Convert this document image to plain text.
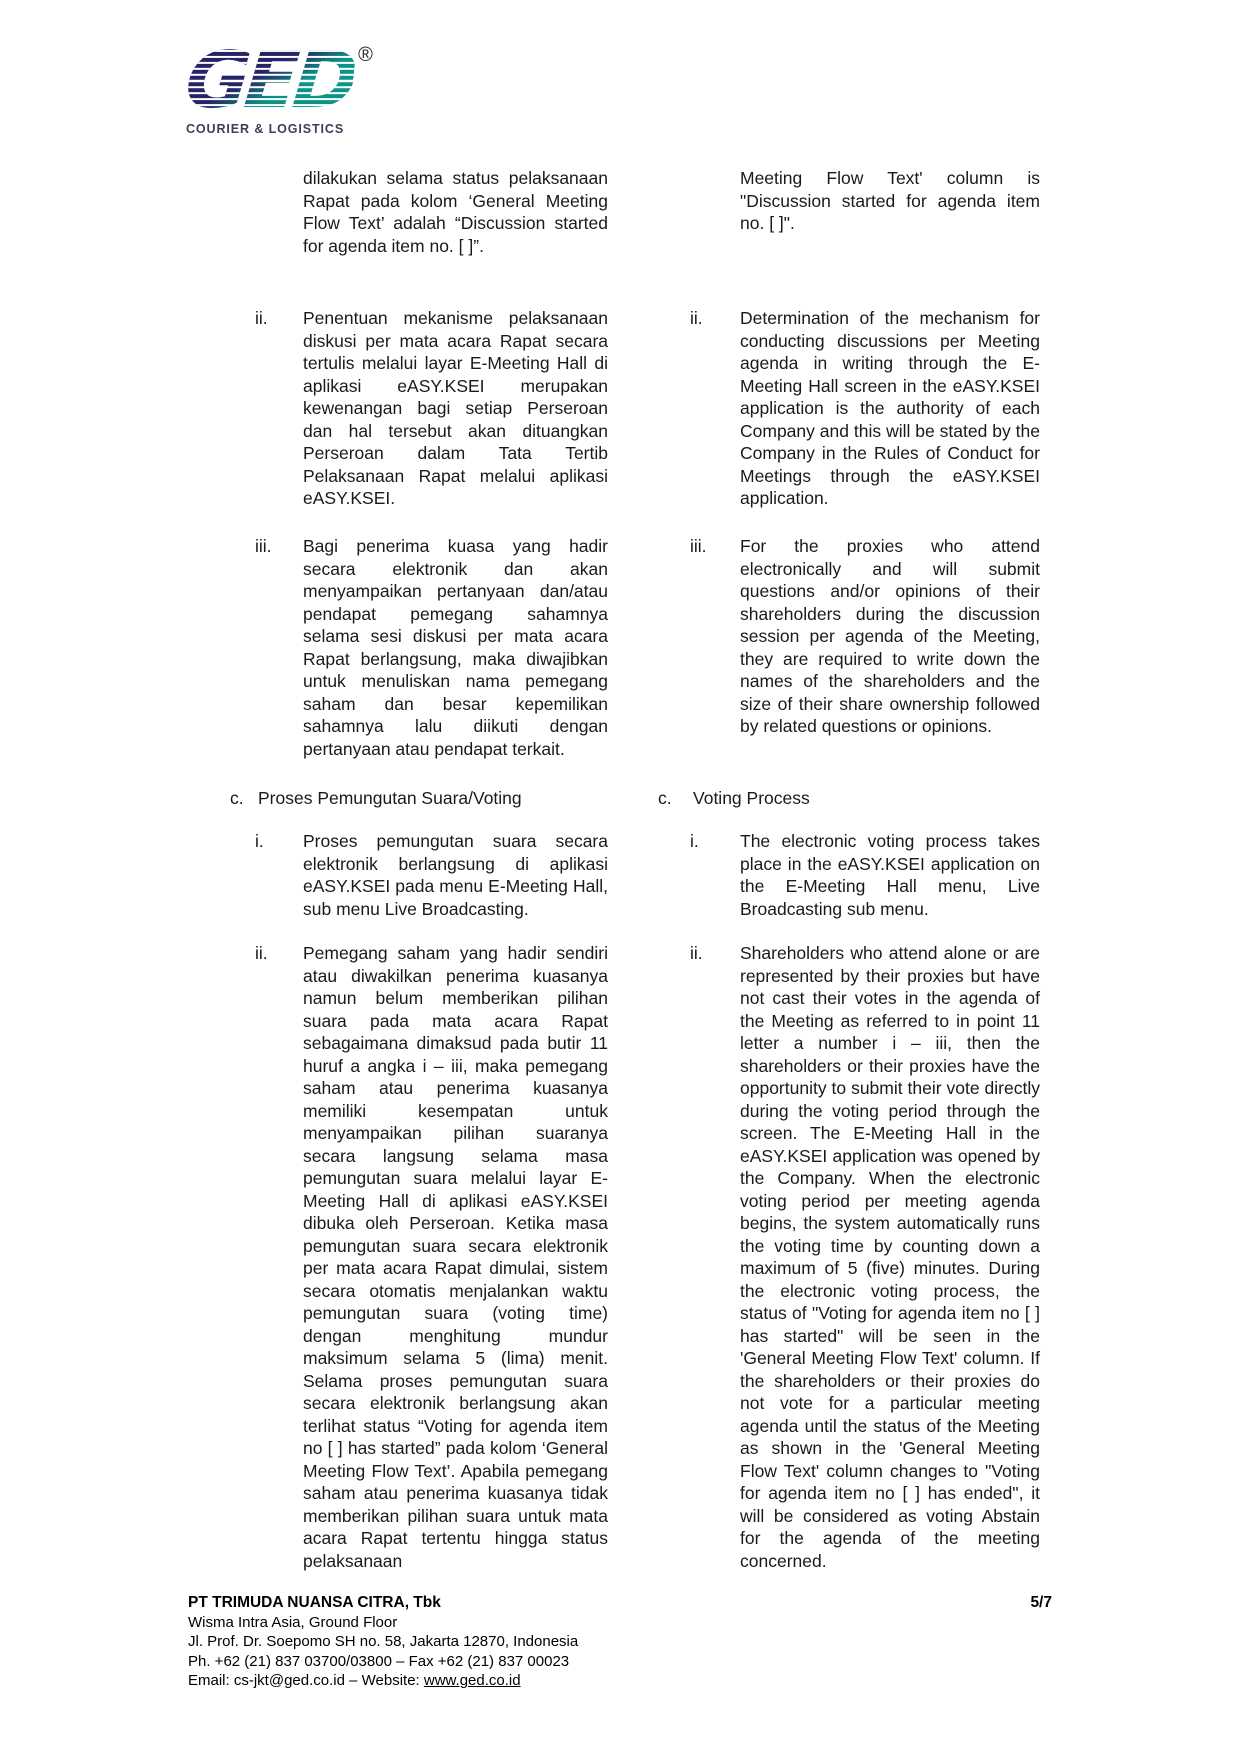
GED ®
COURIER & LOGISTICS

dilakukan selama status pelaksanaan Rapat pada kolom ‘General Meeting Flow Text’ adalah “Discussion started for agenda item no. [ ]”.

Meeting Flow Text' column is "Discussion started for agenda item no. [ ]".

ii.	Penentuan mekanisme pelaksanaan diskusi per mata acara Rapat secara tertulis melalui layar E-Meeting Hall di aplikasi eASY.KSEI merupakan kewenangan bagi setiap Perseroan dan hal tersebut akan dituangkan Perseroan dalam Tata Tertib Pelaksanaan Rapat melalui aplikasi eASY.KSEI.

ii.	Determination of the mechanism for conducting discussions per Meeting agenda in writing through the E-Meeting Hall screen in the eASY.KSEI application is the authority of each Company and this will be stated by the Company in the Rules of Conduct for Meetings through the eASY.KSEI application.

iii.	Bagi penerima kuasa yang hadir secara elektronik dan akan menyampaikan pertanyaan dan/atau pendapat pemegang sahamnya selama sesi diskusi per mata acara Rapat berlangsung, maka diwajibkan untuk menuliskan nama pemegang saham dan besar kepemilikan sahamnya lalu diikuti dengan pertanyaan atau pendapat terkait.

iii.	For the proxies who attend electronically and will submit questions and/or opinions of their shareholders during the discussion session per agenda of the Meeting, they are required to write down the names of the shareholders and the size of their share ownership followed by related questions or opinions.

c. Proses Pemungutan Suara/Voting	c.	Voting Process

i.	Proses pemungutan suara secara elektronik berlangsung di aplikasi eASY.KSEI pada menu E-Meeting Hall, sub menu Live Broadcasting.

i.	The electronic voting process takes place in the eASY.KSEI application on the E-Meeting Hall menu, Live Broadcasting sub menu.

ii.	Pemegang saham yang hadir sendiri atau diwakilkan penerima kuasanya namun belum memberikan pilihan suara pada mata acara Rapat sebagaimana dimaksud pada butir 11 huruf a angka i – iii, maka pemegang saham atau penerima kuasanya memiliki kesempatan untuk menyampaikan pilihan suaranya secara langsung selama masa pemungutan suara melalui layar E-Meeting Hall di aplikasi eASY.KSEI dibuka oleh Perseroan. Ketika masa pemungutan suara secara elektronik per mata acara Rapat dimulai, sistem secara otomatis menjalankan waktu pemungutan suara (voting time) dengan menghitung mundur maksimum selama 5 (lima) menit. Selama proses pemungutan suara secara elektronik berlangsung akan terlihat status “Voting for agenda item no [ ] has started” pada kolom ‘General Meeting Flow Text’. Apabila pemegang saham atau penerima kuasanya tidak memberikan pilihan suara untuk mata acara Rapat tertentu hingga status pelaksanaan

ii.	Shareholders who attend alone or are represented by their proxies but have not cast their votes in the agenda of the Meeting as referred to in point 11 letter a number i – iii, then the shareholders or their proxies have the opportunity to submit their vote directly during the voting period through the screen. The E-Meeting Hall in the eASY.KSEI application was opened by the Company. When the electronic voting period per meeting agenda begins, the system automatically runs the voting time by counting down a maximum of 5 (five) minutes. During the electronic voting process, the status of "Voting for agenda item no [ ] has started" will be seen in the 'General Meeting Flow Text' column. If the shareholders or their proxies do not vote for a particular meeting agenda until the status of the Meeting as shown in the 'General Meeting Flow Text' column changes to "Voting for agenda item no [ ] has ended", it will be considered as voting Abstain for the agenda of the meeting concerned.

PT TRIMUDA NUANSA CITRA, Tbk	5/7
Wisma Intra Asia, Ground Floor
Jl. Prof. Dr. Soepomo SH no. 58, Jakarta 12870, Indonesia
Ph. +62 (21) 837 03700/03800 – Fax +62 (21) 837 00023
Email: cs-jkt@ged.co.id – Website: www.ged.co.id
